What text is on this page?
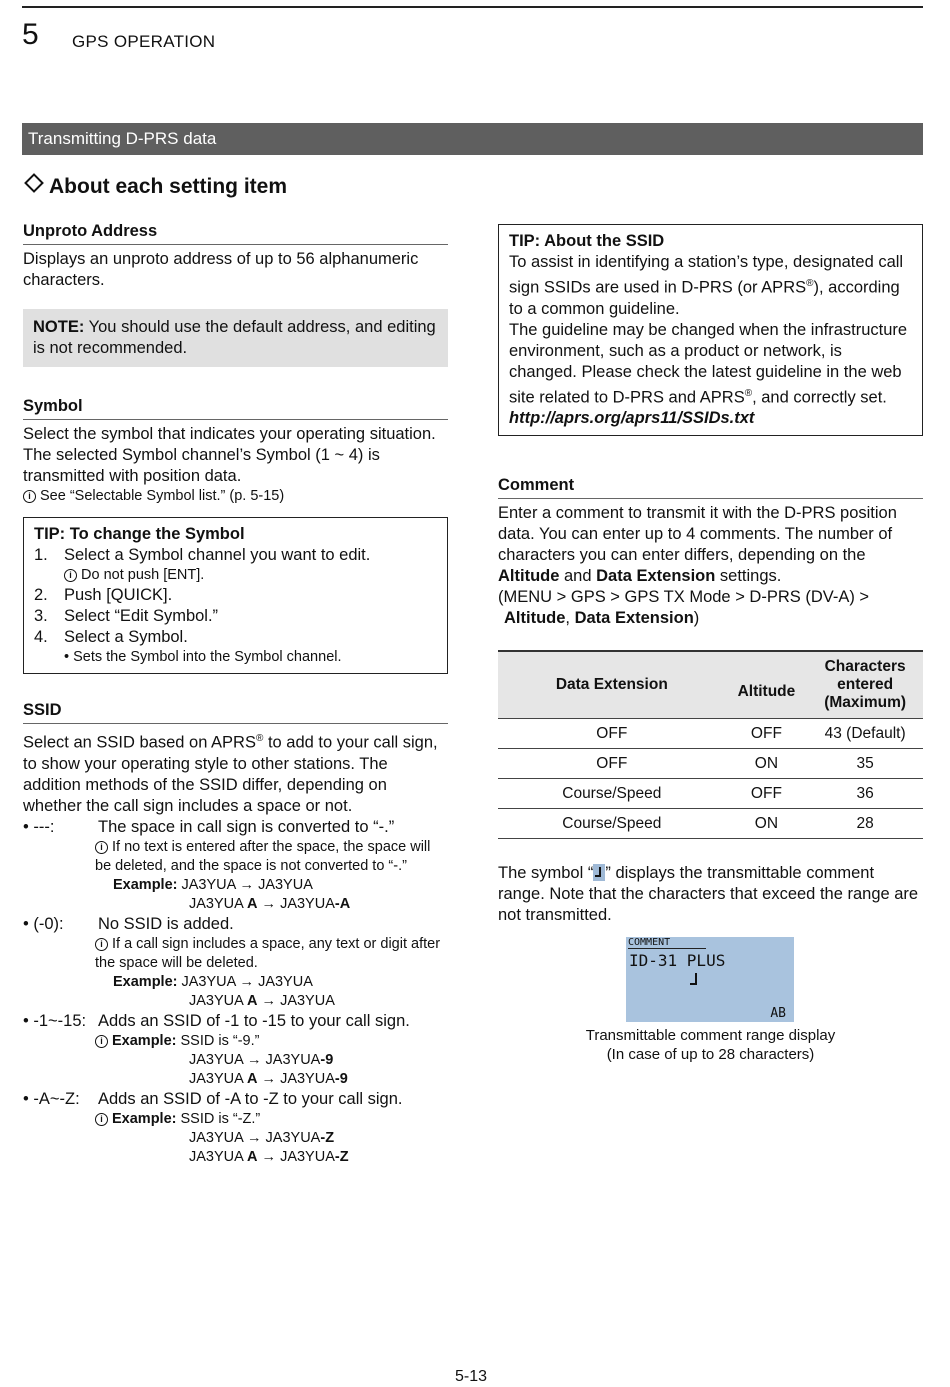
5 GPS OPERATION
Transmitting D-PRS data
About each setting item
Unproto Address
Displays an unproto address of up to 56 alphanumeric characters.
NOTE: You should use the default address, and editing is not recommended.
Symbol
Select the symbol that indicates your operating situation. The selected Symbol channel’s Symbol (1 ~ 4) is transmitted with position data.
i See “Selectable Symbol list.” (p. 5-15)
TIP: To change the Symbol
1. Select a Symbol channel you want to edit.
i Do not push [ENT].
2. Push [QUICK].
3. Select “Edit Symbol.”
4. Select a Symbol.
• Sets the Symbol into the Symbol channel.
SSID
Select an SSID based on APRS® to add to your call sign, to show your operating style to other stations. The addition methods of the SSID differ, depending on whether the call sign includes a space or not.
• ---:	The space in call sign is converted to “-.”
i If no text is entered after the space, the space will be deleted, and the space is not converted to “-.”
Example: JA3YUA → JA3YUA
JA3YUA A → JA3YUA-A
• (-0): No SSID is added.
i If a call sign includes a space, any text or digit after the space will be deleted.
Example: JA3YUA → JA3YUA
JA3YUA A → JA3YUA
• -1~-15: Adds an SSID of -1 to -15 to your call sign.
i Example: SSID is “-9.”
JA3YUA → JA3YUA-9
JA3YUA A → JA3YUA-9
• -A~-Z: Adds an SSID of -A to -Z to your call sign.
i Example: SSID is “-Z.”
JA3YUA → JA3YUA-Z
JA3YUA A → JA3YUA-Z
TIP: About the SSID
To assist in identifying a station’s type, designated call sign SSIDs are used in D-PRS (or APRS®), according to a common guideline.
The guideline may be changed when the infrastructure environment, such as a product or network, is changed. Please check the latest guideline in the web site related to D-PRS and APRS®, and correctly set.
http://aprs.org/aprs11/SSIDs.txt
Comment
Enter a comment to transmit it with the D-PRS position data. You can enter up to 4 comments. The number of characters you can enter differs, depending on the Altitude and Data Extension settings.
(MENU > GPS > GPS TX Mode > D-PRS (DV-A) >
Altitude, Data Extension)
Data Extension	Altitude	Characters entered (Maximum)
OFF	OFF	43 (Default)
OFF	ON	35
Course/Speed	OFF	36
Course/Speed	ON	28
The symbol “ ” displays the transmittable comment range. Note that the characters that exceed the range are not transmitted.
COMMENT
ID-31 PLUS
AB
Transmittable comment range display
(In case of up to 28 characters)
5-13
